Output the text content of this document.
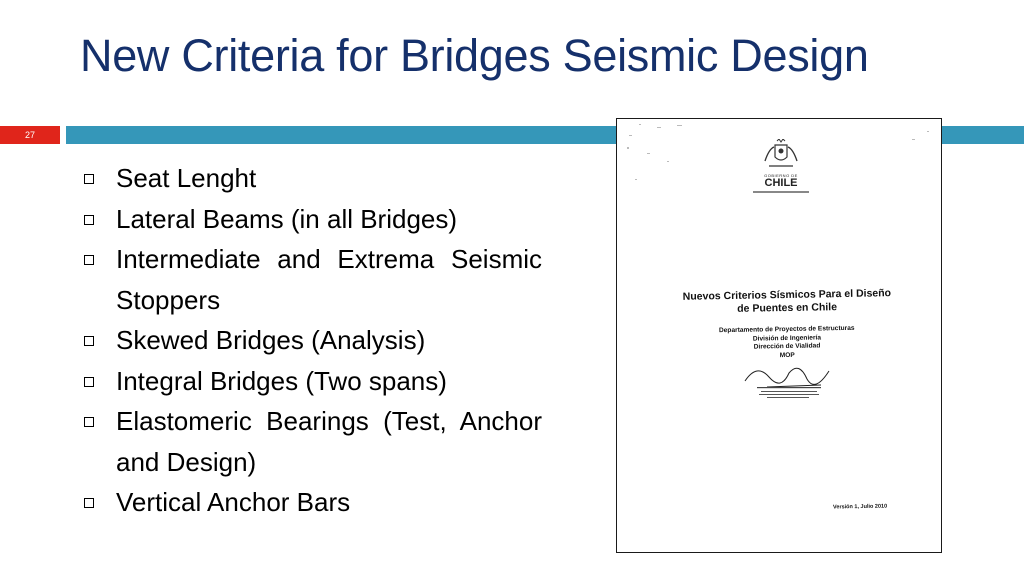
New Criteria for Bridges Seismic Design
27
Seat Lenght
Lateral Beams (in all Bridges)
Intermediate and Extrema Seismic Stoppers
Skewed Bridges (Analysis)
Integral Bridges (Two spans)
Elastomeric Bearings (Test, Anchor and Design)
Vertical Anchor Bars
GOBIERNO DE
CHILE
Nuevos Criterios Sísmicos Para el Diseño de Puentes en Chile
Departamento de Proyectos de Estructuras
División de Ingeniería
Dirección de Vialidad
MOP
Versión 1, Julio 2010
